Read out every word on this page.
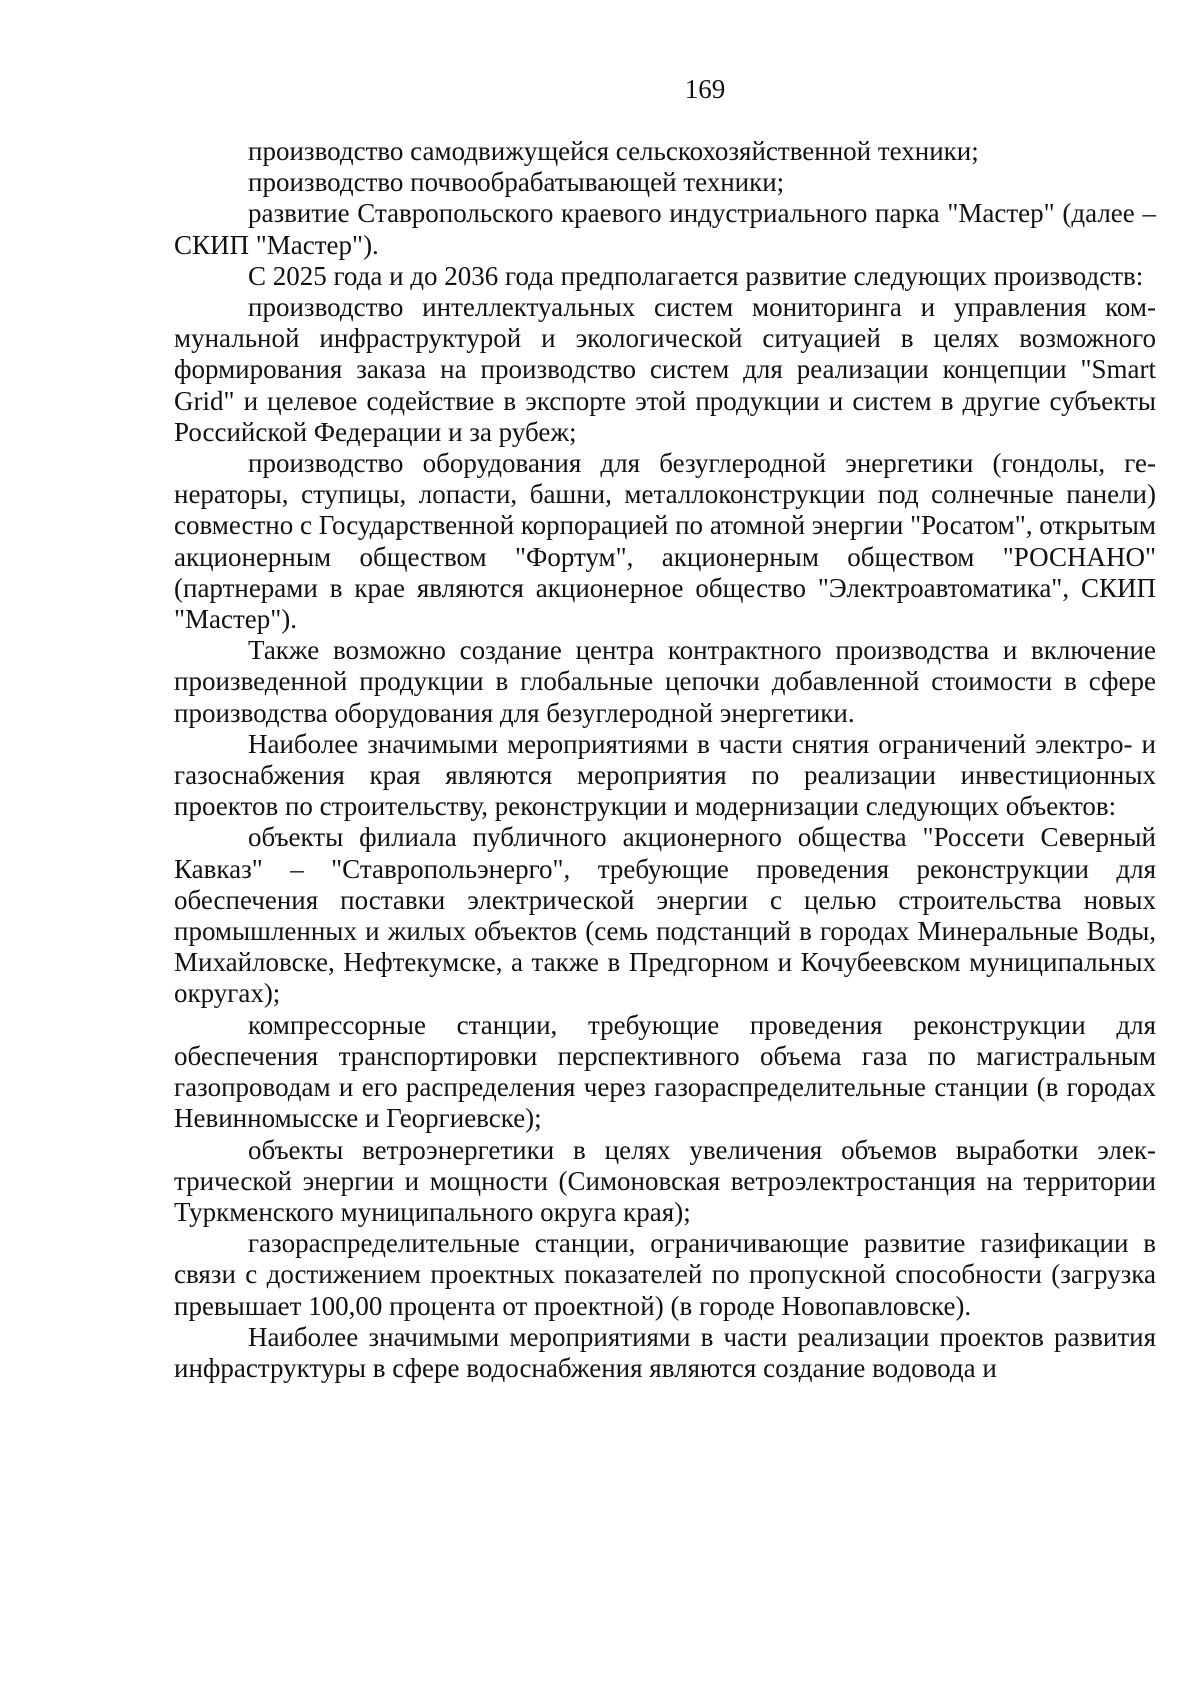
169

производство самодвижущейся сельскохозяйственной техники;

производство почвообрабатывающей техники;

развитие Ставропольского краевого индустриального парка "Мастер" (далее – СКИП "Мастер").

С 2025 года и до 2036 года предполагается развитие следующих производств:

производство интеллектуальных систем мониторинга и управления коммунальной инфраструктурой и экологической ситуацией в целях возможного формирования заказа на производство систем для реализации концепции "Smart Grid" и целевое содействие в экспорте этой продукции и систем в другие субъекты Российской Федерации и за рубеж;

производство оборудования для безуглеродной энергетики (гондолы, генераторы, ступицы, лопасти, башни, металлоконструкции под солнечные панели) совместно с Государственной корпорацией по атомной энергии "Росатом", открытым акционерным обществом "Фортум", акционерным обществом "РОСНАНО" (партнерами в крае являются акционерное общество "Электроавтоматика", СКИП "Мастер").

Также возможно создание центра контрактного производства и включение произведенной продукции в глобальные цепочки добавленной стоимости в сфере производства оборудования для безуглеродной энергетики.

Наиболее значимыми мероприятиями в части снятия ограничений электро- и газоснабжения края являются мероприятия по реализации инвестиционных проектов по строительству, реконструкции и модернизации следующих объектов:

объекты филиала публичного акционерного общества "Россети Северный Кавказ" – "Ставропольэнерго", требующие проведения реконструкции для обеспечения поставки электрической энергии с целью строительства новых промышленных и жилых объектов (семь подстанций в городах Минеральные Воды, Михайловске, Нефтекумске, а также в Предгорном и Кочубеевском муниципальных округах);

компрессорные станции, требующие проведения реконструкции для обеспечения транспортировки перспективного объема газа по магистральным газопроводам и его распределения через газораспределительные станции (в городах Невинномысске и Георгиевске);

объекты ветроэнергетики в целях увеличения объемов выработки электрической энергии и мощности (Симоновская ветроэлектростанция на территории Туркменского муниципального округа края);

газораспределительные станции, ограничивающие развитие газификации в связи с достижением проектных показателей по пропускной способности (загрузка превышает 100,00 процента от проектной) (в городе Новопавловске).

Наиболее значимыми мероприятиями в части реализации проектов развития инфраструктуры в сфере водоснабжения являются создание водовода и
